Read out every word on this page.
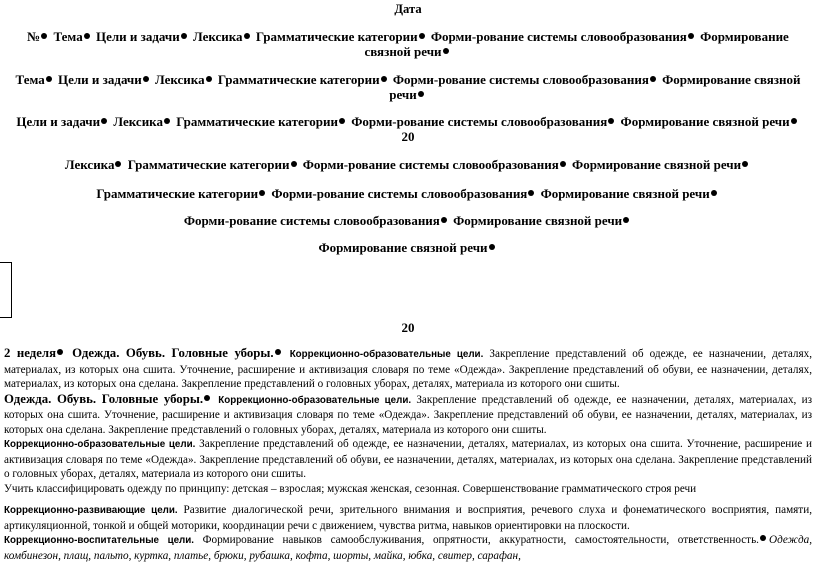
Дата
№ Тема Цели и задачи Лексика Грамматические категории Форми-рование системы словообразования Формирование
связной речи
Тема Цели и задачи Лексика Грамматические категории Форми-рование системы словообразования Формирование связной
речи
Цели и задачи Лексика Грамматические категории Форми-рование системы словообразования Формирование связной речи
20
Лексика Грамматические категории Форми-рование системы словообразования Формирование связной речи
Грамматические категории Форми-рование системы словообразования Формирование связной речи
Форми-рование системы словообразования Формирование связной речи
Формирование связной речи
20
2 неделя Одежда. Обувь. Головные уборы. Коррекционно-образовательные цели. Закрепление представлений об одежде, ее назначении, деталях, материалах, из которых она сшита. Уточнение, расширение и активизация словаря по теме «Одежда». Закрепление представлений об обуви, ее назначении, деталях, материалах, из которых она сделана. Закрепление представлений о головных уборах, деталях, материала из которого они сшиты.
Одежда. Обувь. Головные уборы. Коррекционно-образовательные цели. Закрепление представлений об одежде, ее назначении, деталях, материалах, из которых она сшита. Уточнение, расширение и активизация словаря по теме «Одежда». Закрепление представлений об обуви, ее назначении, деталях, материалах, из которых она сделана. Закрепление представлений о головных уборах, деталях, материала из которого они сшиты.
Коррекционно-образовательные цели. Закрепление представлений об одежде, ее назначении, деталях, материалах, из которых она сшита. Уточнение, расширение и активизация словаря по теме «Одежда». Закрепление представлений об обуви, ее назначении, деталях, материалах, из которых она сделана. Закрепление представлений о головных уборах, деталях, материала из которого они сшиты.
Учить классифицировать одежду по принципу: детская – взрослая; мужская женская, сезонная. Совершенствование грамматического строя речи
Коррекционно-развивающие цели. Развитие диалогической речи, зрительного внимания и восприятия, речевого слуха и фонематического восприятия, памяти, артикуляционной, тонкой и общей моторики, координации речи с движением, чувства ритма, навыков ориентировки на плоскости.
Коррекционно-воспитательные цели. Формирование навыков самообслуживания, опрятности, аккуратности, самостоятельности, ответственность. Одежда, комбинезон, плащ, пальто, куртка, платье, брюки, рубашка, кофта, шорты, майка, юбка, свитер, сарафан,
